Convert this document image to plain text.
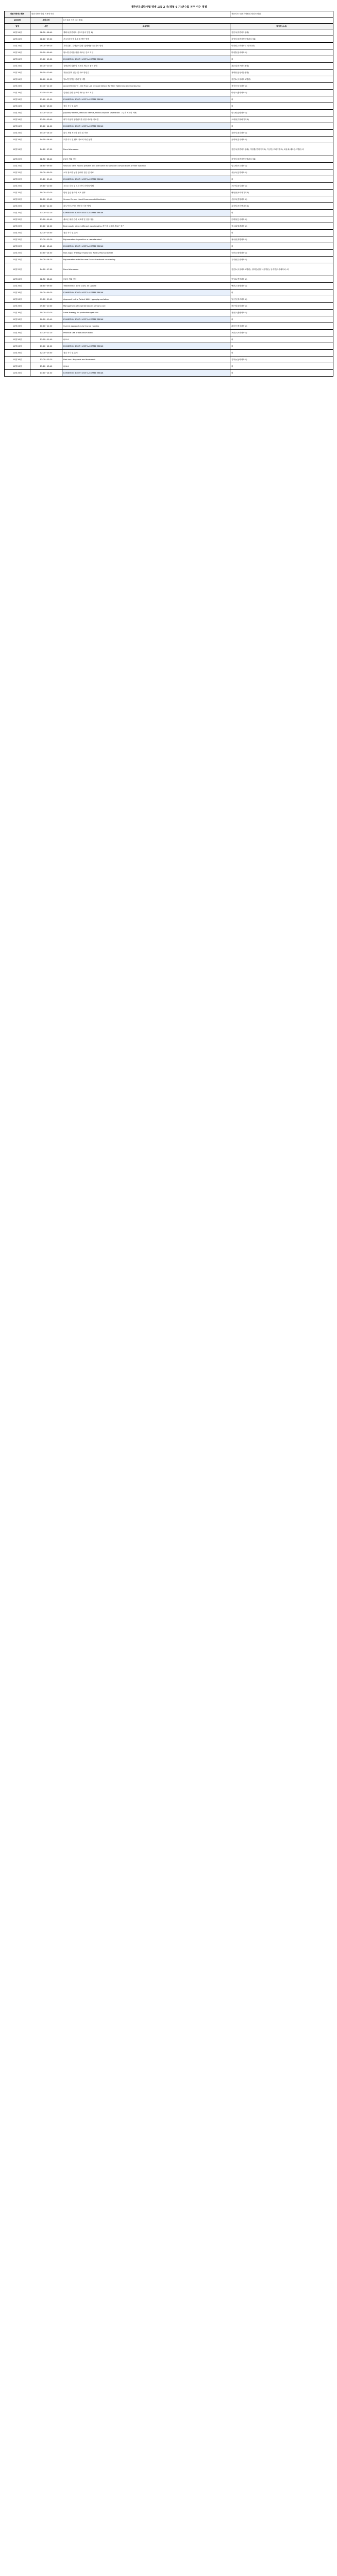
대한전문의학사협 평생 교육 2 기(평협 6 기)연수회 전주 이수 평점			
대한의학연수협회	대한가정의학회 외 6개 학회		전문의 6 시간(의사협회 평점 6 평점)
1000원	세미나장	6시 3/3 시간 (6시 3/3)	
일정	시간	교육제목	강사명(소속)
11월 24일	08:30~08:40	개회사(대한의학 심포지움의 발전 1)	김현석(대한의사협회)
11월 24일	08:40~09:00	기초임상의학 추세 및 발전 방향	김영진(대한가정의학과의사회)
11월 24일	09:00~09:20	기타질환 - 심혈관계질환 (심방세동 등) 치료 방향	이상민(고려대학교 의과대학)
11월 24일	09:20~09:40	당뇨병 관리를 위한 새로운 진료 지침	박정훈(연세대학교)
11월 24일	09:40~10:00	EXHIBITION BOOTH VISIT & COFFEE BREAK	외
11월 24일	10:00~10:20	심혈관계 질환 및 치료의 새로운 접근 방법	최윤희(세브란스병원)
11월 24일	10:20~10:40	자율신경계 진단 및 치료 방법론	정태민(삼성서울병원)
11월 24일	10:40~11:00	당뇨병 합병증 관리 및 예방	김민수(서울대학교병원)
11월 24일	11:00~11:20	Accord FinishTM - the Final Low Invasive Device for Skin Tightening and Contouring	정지은(동국대학교)
11월 24일	11:20~11:40	갑상선 질환 진료의 새로운 치료 지침	이성호(충북대학교)
11월 24일	11:40~12:00	EXHIBITION BOOTH VISIT & COFFEE BREAK	외
11월 24일	12:00~13:00	점심 식사 및 휴식	외
11월 24일	13:00~13:20	papillary dermis, reticular dermis, fibrous septum separation: 고주파 치료의 이해	한수빈(한림대학교)
11월 24일	13:20~13:40	피부 미용과 영양관리를 위한 새로운 치료법	오세영(가톨릭대학교)
11월 24일	13:40~14:00	EXHIBITION BOOTH VISIT & COFFEE BREAK	외
11월 24일	14:00~14:20	피부 재생 치료의 원리 및 적용	강민지(경희대학교)
11월 24일	14:20~14:40	모발 이식 및 탈모 치료의 최신 동향	윤재혁(건국대학교)
11월 24일	14:40~17:00	Panel discussion	김현석(대한의사협회), 박정훈(연세대학교), 이상민(고려대학교), 최윤희(세브란스병원) 외
11월 25일	08:30~08:40	2일차 개회 인사	김영진(대한가정의학과의사회)
11월 25일	08:40~09:00	Vascular care: how to prevent and overcome the vascular complications of filler injection	임수연(아주대학교)
11월 25일	09:00~09:20	소아 청소년 성장 장애의 진단 및 치료	서동욱(인하대학교)
11월 25일	09:20~09:40	EXHIBITION BOOTH VISIT & COFFEE BREAK	외
11월 25일	09:40~10:00	호르몬 치료 및 노화 방지 의학의 이해	조은비(을지대학교)
11월 25일	10:00~10:20	만성 통증 환자의 치료 전략	배성현(차의과대학교)
11월 25일	10:20~10:40	Severe Chronic Hand Eczema and Alitretinoin	신유리(중앙대학교)
11월 25일	10:40~11:00	리도카인 주사의 안전한 사용 방법	홍지민(순천향대학교)
11월 25일	11:00~11:20	EXHIBITION BOOTH VISIT & COFFEE BREAK	외
11월 25일	11:20~11:40	새로운 체중 관리 치료제 및 임상 적용	문태영(단국대학교)
11월 25일	11:40~12:00	Best results with 4 different wavelengths: 레이저 치료의 새로운 접근	장소희(원광대학교)
11월 25일	12:00~13:00	점심 식사 및 휴식	외
11월 25일	13:00~13:20	Rejuvenation in practice: a new standard	권나연(계명대학교)
11월 25일	13:20~13:40	EXHIBITION BOOTH VISIT & COFFEE BREAK	외
11월 25일	13:40~14:00	Non-Sugar Therapy: Hyaluronic Acid & Polynucleotide	송민호(영남대학교)
11월 25일	14:00~14:20	Rejuvenation with the new Fraxel: fractional resurfacing	유지원(부산대학교)
11월 25일	14:20~17:00	Panel discussion	김민수(서울대학교병원), 정태민(삼성서울병원), 임수연(아주대학교) 외
11월 26일	08:30~08:40	3일차 개회 인사	이성호(충북대학교)
11월 26일	08:40~09:00	Treatment of acne scars: an update	백현주(전남대학교)
11월 26일	09:00~09:20	EXHIBITION BOOTH VISIT & COFFEE BREAK	외
11월 26일	09:20~09:40	Approach to the Patient With Hyperpigmentation	남궁민(제주대학교)
11월 26일	09:40~10:00	Management of hypertension in primary care	허은정(강원대학교)
11월 26일	10:00~10:20	Laser therapy for photodamaged skin	전상우(충남대학교)
11월 26일	10:20~10:40	EXHIBITION BOOTH VISIT & COFFEE BREAK	외
11월 26일	10:40~11:00	Current approaches to thyroid nodules	곽다은(경상대학교)
11월 26일	11:00~11:20	Practical use of botulinum toxin	표진우(조선대학교)
11월 26일	11:20~11:40	Q & A	외
11월 26일	11:40~12:00	EXHIBITION BOOTH VISIT & COFFEE BREAK	외
11월 26일	12:00~13:00	점심 식사 및 휴식	외
11월 26일	13:00~13:20	Hair loss: diagnosis and treatment	김하늘(동아대학교)
11월 26일	13:20~13:40	Q & A	외
11월 26일	13:40~14:00	EXHIBITION BOOTH VISIT & COFFEE BREAK	외
